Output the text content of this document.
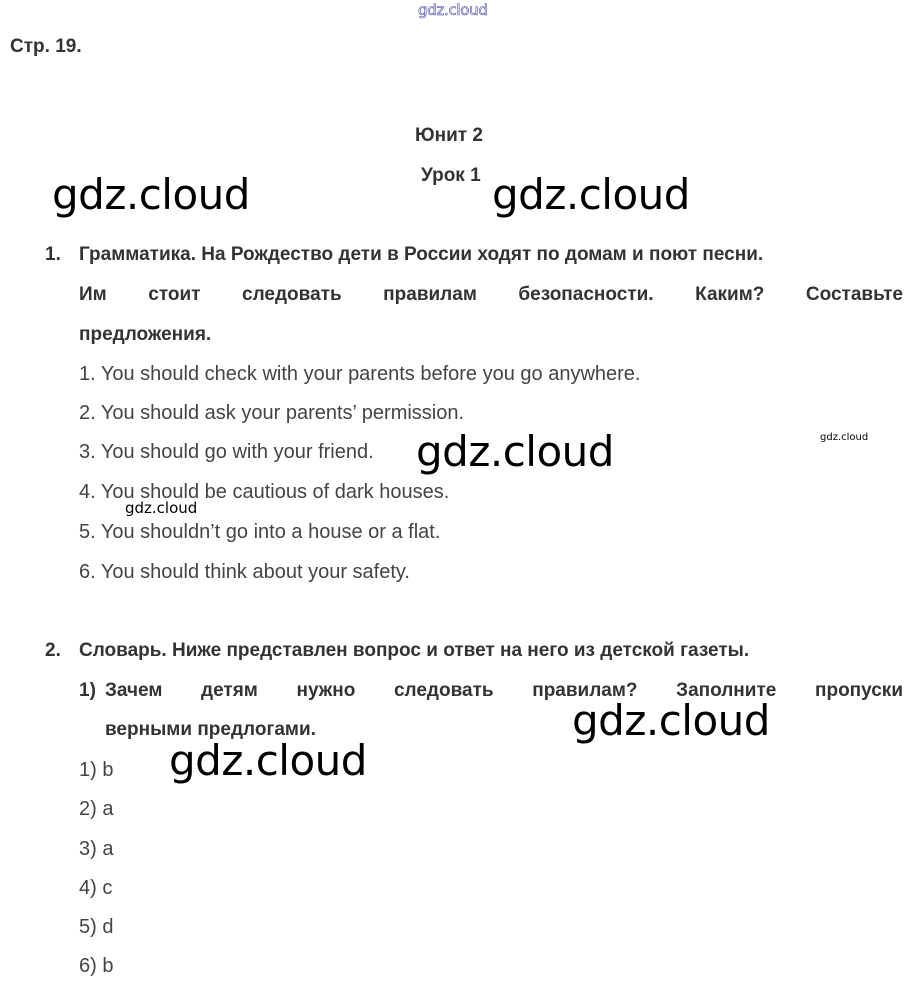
gdz.cloud
gdz.cloud	gdz.cloud
gdz.cloud	gdz.cloud
gdz.cloud
gdz.cloud
gdz.cloud
Стр. 19.
Юнит 2
Урок 1
1. Грамматика. На Рождество дети в России ходят по домам и поют песни.
Им стоит следовать правилам безопасности. Каким? Составьте
предложения.
1. You should check with your parents before you go anywhere.
2. You should ask your parents’ permission.
3. You should go with your friend.
4. You should be cautious of dark houses.
5. You shouldn’t go into a house or a flat.
6. You should think about your safety.
2. Словарь. Ниже представлен вопрос и ответ на него из детской газеты.
1) Зачем детям нужно следовать правилам? Заполните пропуски
верными предлогами.
1) b
2) a
3) a
4) c
5) d
6) b
